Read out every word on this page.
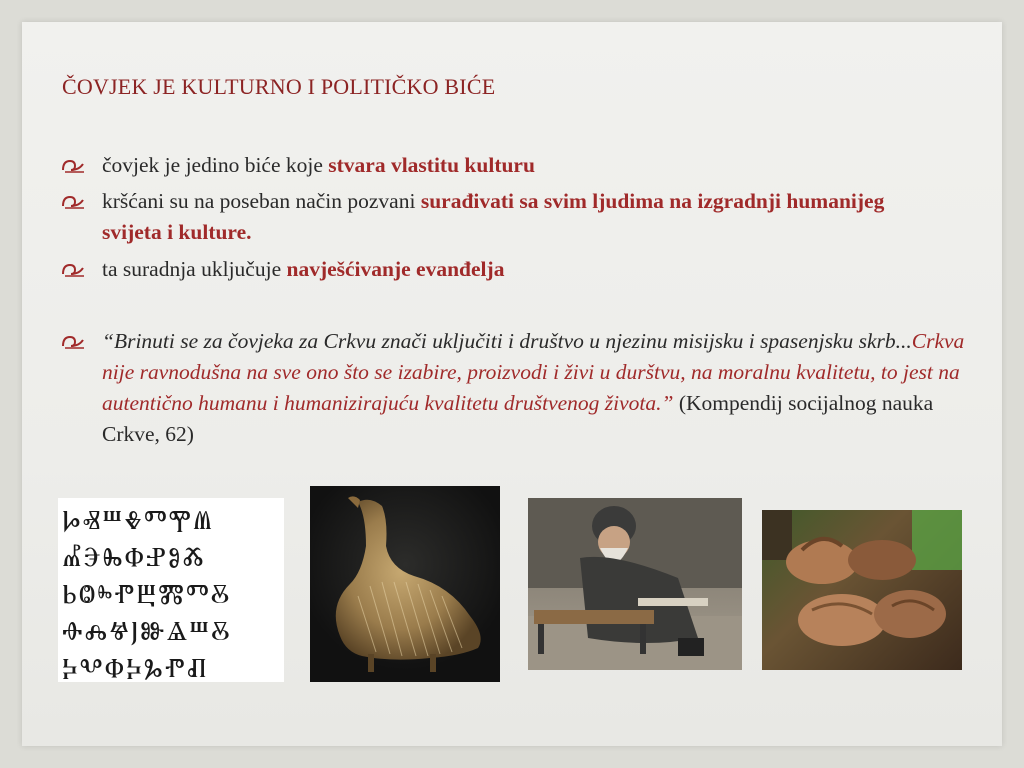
ČOVJEK JE KULTURNO I POLITIČKO BIĆE
čovjek je jedino biće koje stvara vlastitu kulturu
kršćani su na poseban način pozvani surađivati sa svim ljudima na izgradnji humanijeg svijeta i kulture.
ta suradnja uključuje navješćivanje evanđelja
“Brinuti se za čovjeka za Crkvu znači uključiti i društvo u njezinu misijsku i spasenjsku skrb...Crkva nije ravnodušna na sve ono što se izabire, proizvodi i živi u durštvu, na moralnu kvalitetu, to jest na autentično humanu i humanizirajuću kvalitetu društvenog života.” (Kompendij socijalnog nauka Crkve, 62)
ⰘⰟⰞⰇⰕⰉⰮ
ⰌⰅⰈⰗⰐⰑⰆ
ⰓⰙⰸⰒⰁⰏⰕⰋ
ⰪⰎⰝⰬⰖⰡⰞⰋ
ⰍⰂⰗⰍⰃⰒⰚ
